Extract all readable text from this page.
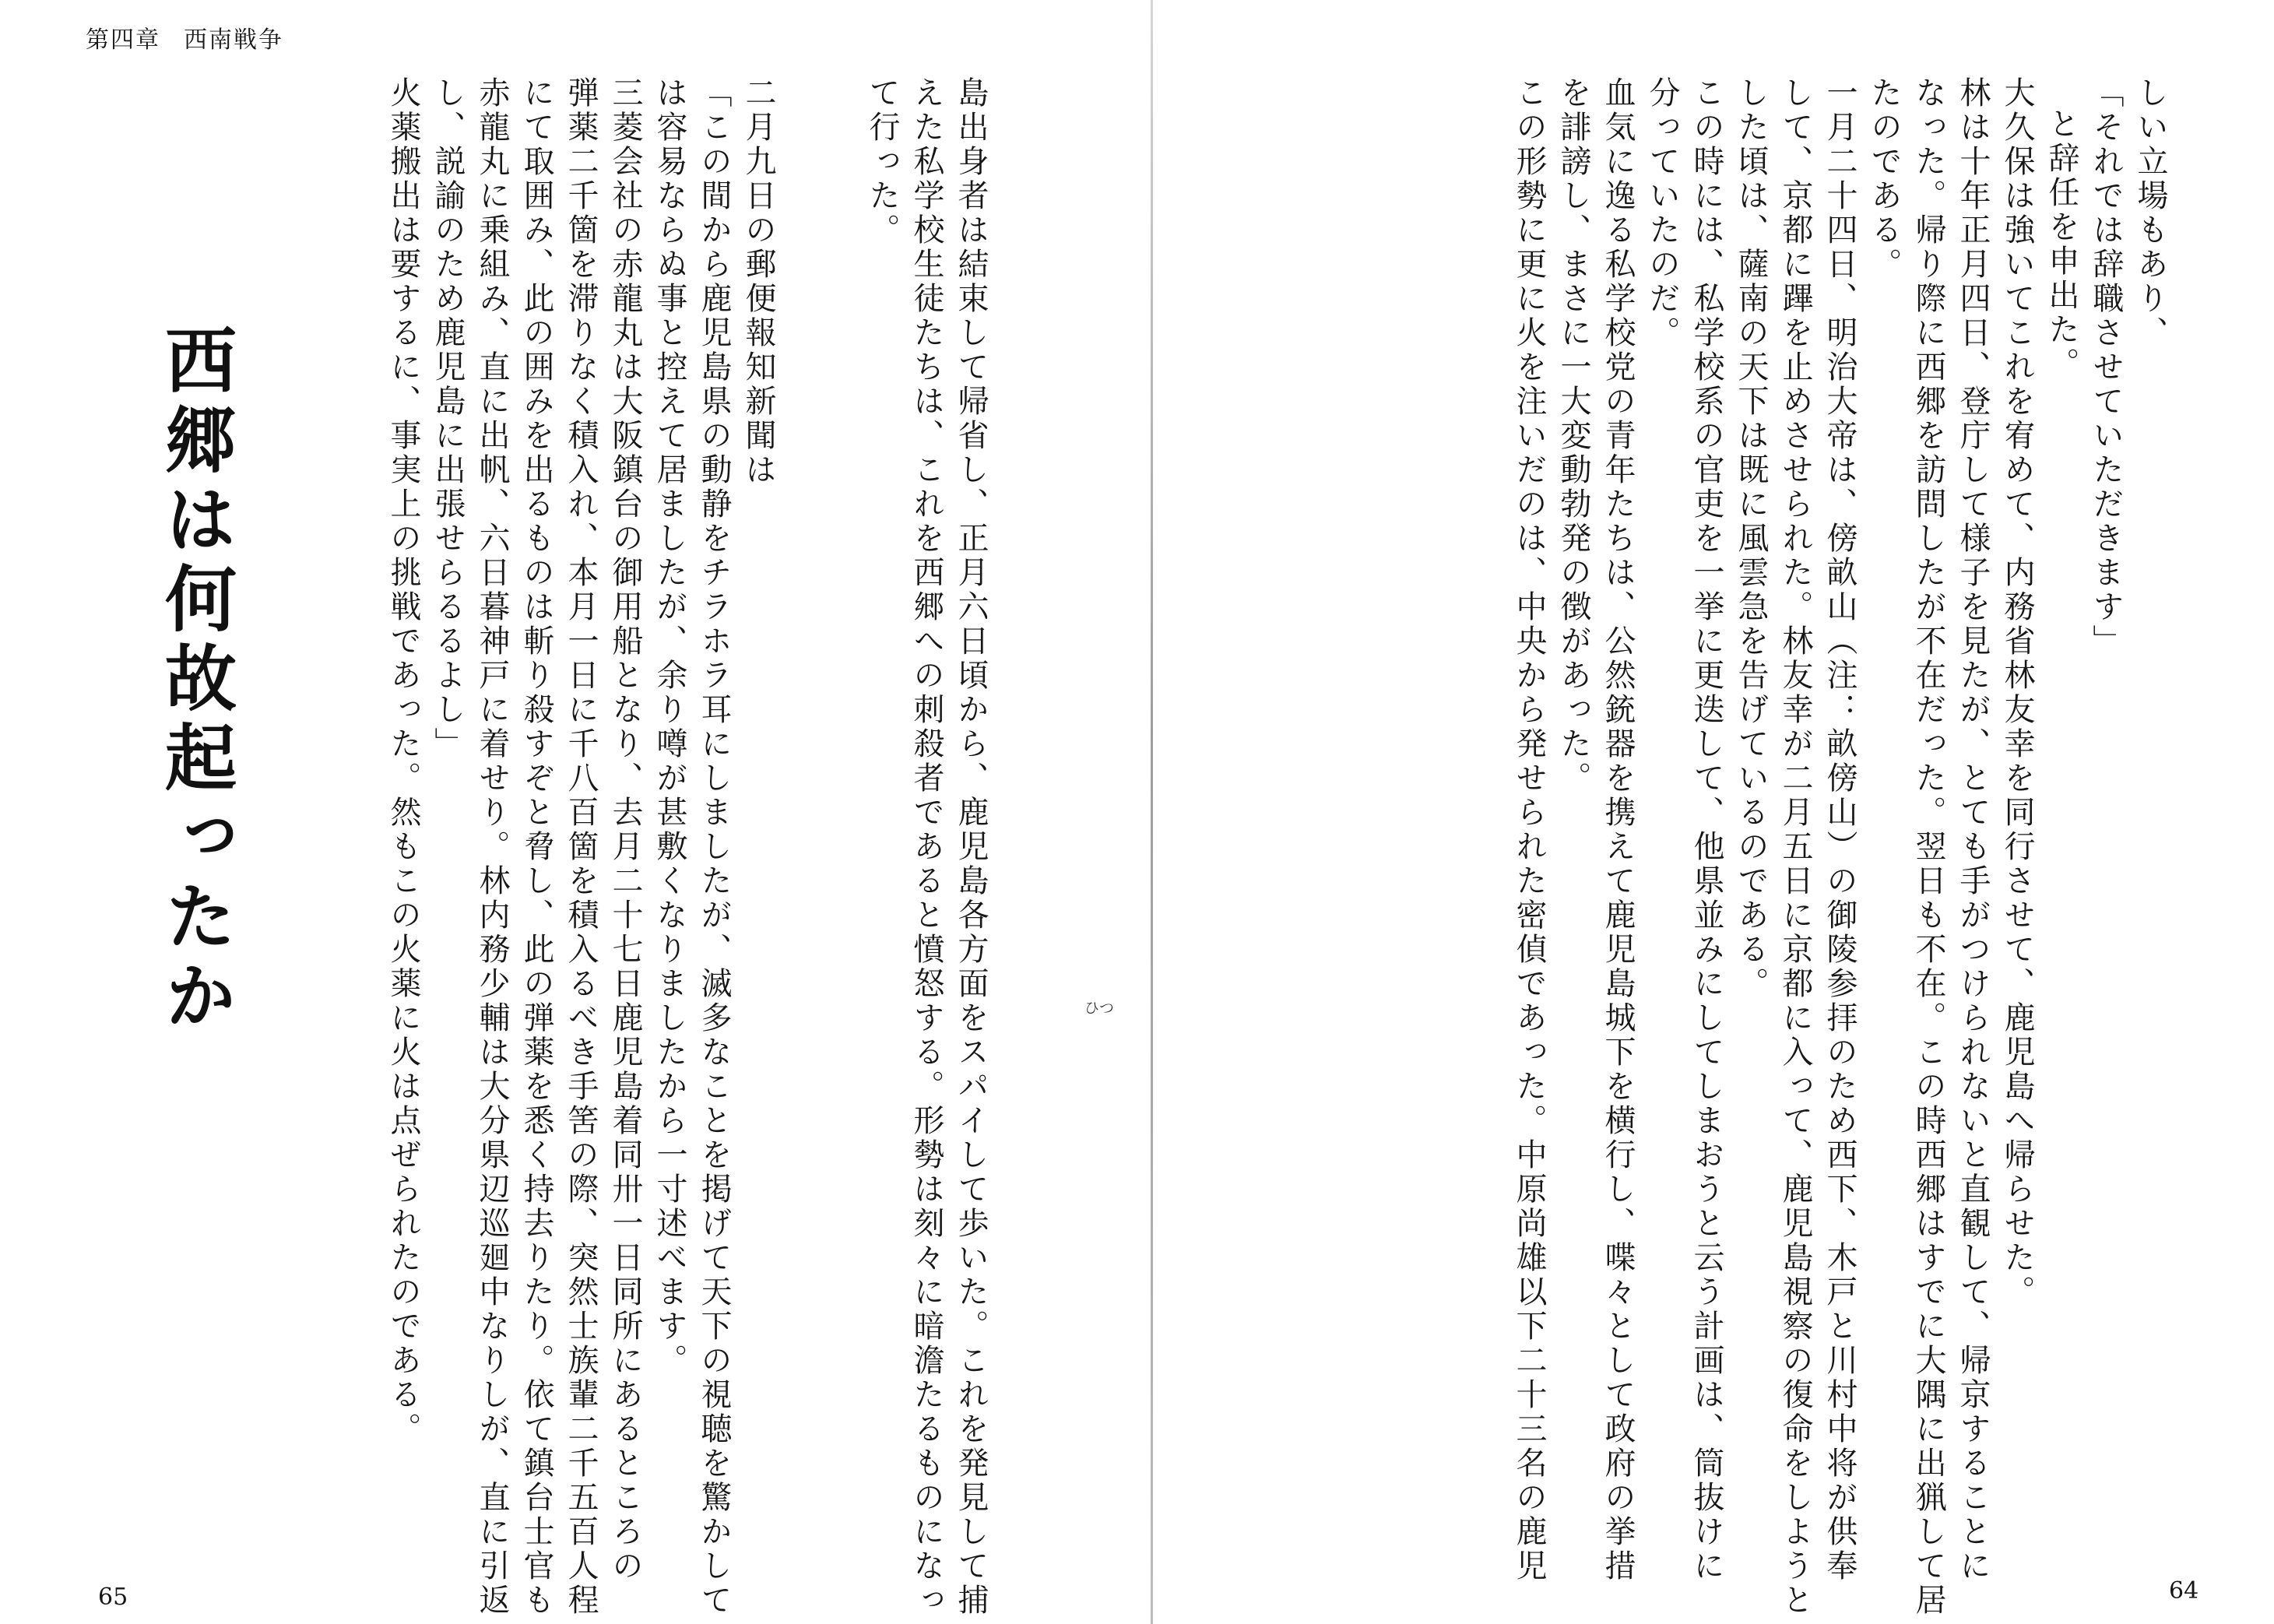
第四章 西南戦争

しい立場もあり、

「それでは辞職させていただきます」

と辞任を申出た。

大久保は強いてこれを宥めて、内務省林友幸を同行させて、鹿児島へ帰らせた。

林は十年正月四日、登庁して様子を見たが、とても手がつけられないと直観して、帰京することに

なった。帰り際に西郷を訪問したが不在だった。翌日も不在。この時西郷はすでに大隅に出猟して居

たのである。

一月二十四日、明治大帝は、傍畝山（注：畝傍山）の御陵参拝のため西下、木戸と川村中将が供奉

して、京都に蹕を止めさせられた。林友幸が二月五日に京都に入って、鹿児島視察の復命をしようと

した頃は、薩南の天下は既に風雲急を告げているのである。

この時には、私学校系の官吏を一挙に更迭して、他県並みにしてしまおうと云う計画は、筒抜けに

分っていたのだ。

血気に逸る私学校党の青年たちは、公然銃器を携えて鹿児島城下を横行し、喋々として政府の挙措

を誹謗し、まさに一大変動勃発の徴があった。

この形勢に更に火を注いだのは、中央から発せられた密偵であった。中原尚雄以下二十三名の鹿児

島出身者は結束して帰省し、正月六日頃から、鹿児島各方面をスパイして歩いた。これを発見して捕

えた私学校生徒たちは、これを西郷への刺殺者であると憤怒する。形勢は刻々に暗澹たるものになっ

て行った。

二月九日の郵便報知新聞は

「この間から鹿児島県の動静をチラホラ耳にしましたが、滅多なことを掲げて天下の視聴を驚かして

は容易ならぬ事と控えて居ましたが、余り噂が甚敷くなりましたから一寸述べます。

三菱会社の赤龍丸は大阪鎮台の御用船となり、去月二十七日鹿児島着同卅一日同所にあるところの

弾薬二千箇を滞りなく積入れ、本月一日に千八百箇を積入るべき手筈の際、突然士族輩二千五百人程

にて取囲み、此の囲みを出るものは斬り殺すぞと脅し、此の弾薬を悉く持去りたり。依て鎮台士官も

赤龍丸に乗組み、直に出帆、六日暮神戸に着せり。林内務少輔は大分県辺巡廻中なりしが、直に引返

し、説諭のため鹿児島に出張せらるるよし」

火薬搬出は要するに、事実上の挑戦であった。然もこの火薬に火は点ぜられたのである。

西郷は何故起ったか	ひつ
65	64
